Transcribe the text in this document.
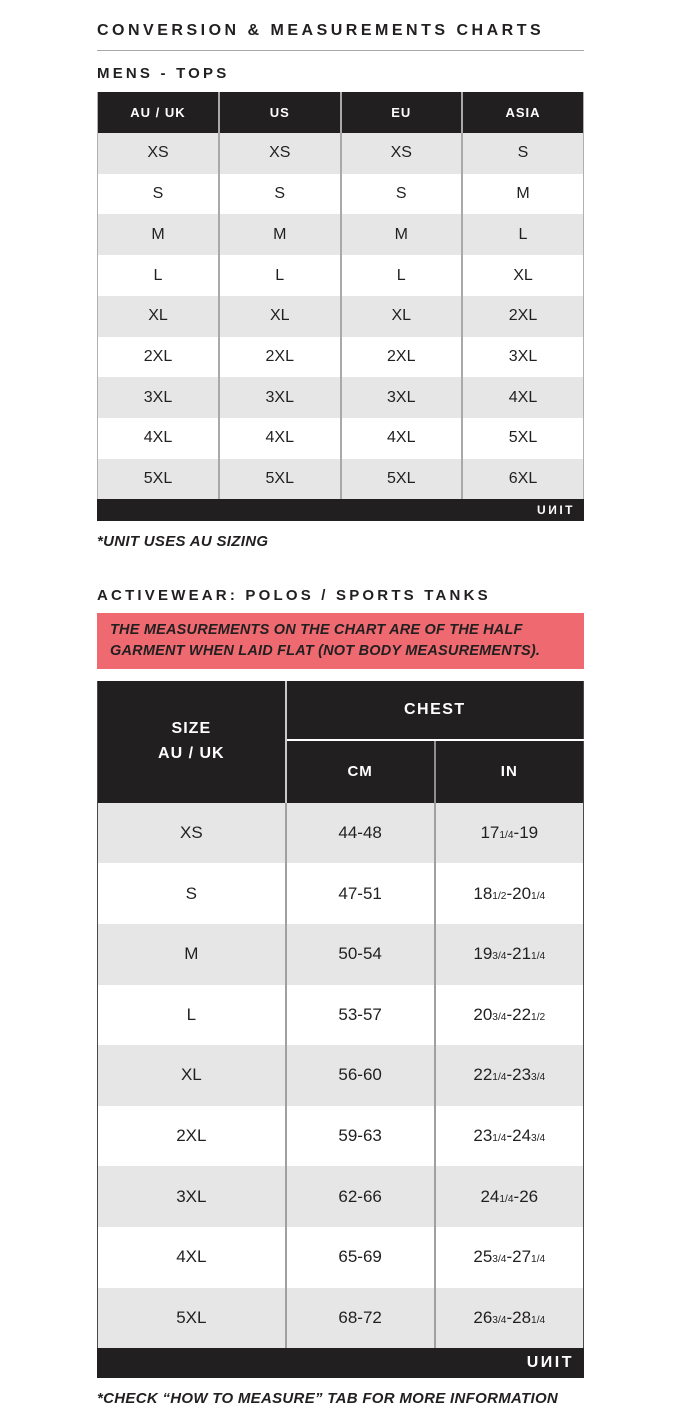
CONVERSION & MEASUREMENTS CHARTS
MENS - TOPS
AU / UK	US	EU	ASIA
XS	XS	XS	S
S	S	S	M
M	M	M	L
L	L	L	XL
XL	XL	XL	2XL
2XL	2XL	2XL	3XL
3XL	3XL	3XL	4XL
4XL	4XL	4XL	5XL
5XL	5XL	5XL	6XL
UИIT

*UNIT USES AU SIZING

ACTIVEWEAR: POLOS / SPORTS TANKS
THE MEASUREMENTS ON THE CHART ARE OF THE HALF GARMENT WHEN LAID FLAT (NOT BODY MEASUREMENTS).
SIZE
AU / UK	CHEST	
	CM	IN
XS	44-48	171/4-19
S	47-51	181/2-201/4
M	50-54	193/4-211/4
L	53-57	203/4-221/2
XL	56-60	221/4-233/4
2XL	59-63	231/4-243/4
3XL	62-66	241/4-26
4XL	65-69	253/4-271/4
5XL	68-72	263/4-281/4
UИIT

*CHECK “HOW TO MEASURE” TAB FOR MORE INFORMATION
